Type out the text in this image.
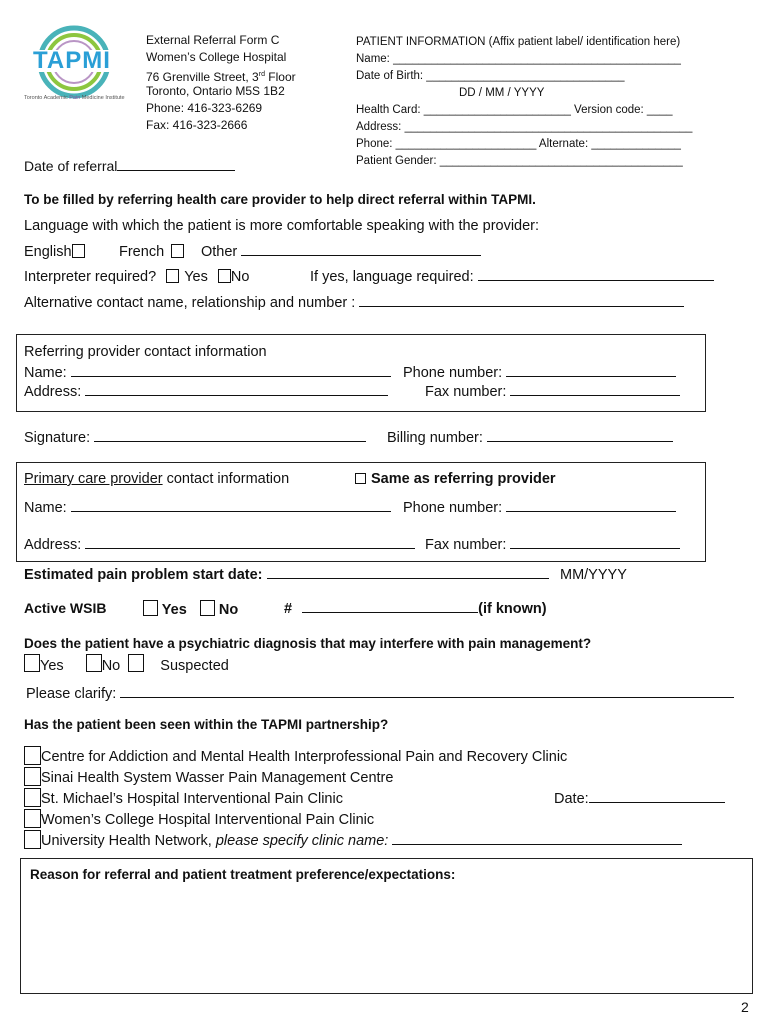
TAPMI
Toronto Academic Pain Medicine Institute
External Referral Form C
Women’s College Hospital
76 Grenville Street, 3rd Floor
Toronto, Ontario M5S 1B2
Phone: 416-323-6269
Fax: 416-323-2666
PATIENT INFORMATION (Affix patient label/ identification here)
Name: _____________________________________________
Date of Birth: _______________________________
DD / MM / YYYY
Health Card: _______________________ Version code: ____
Address: _____________________________________________
Phone: ______________________ Alternate: ______________
Patient Gender: ______________________________________
Date of referral
To be filled by referring health care provider to help direct referral within TAPMI.
Language with which the patient is more comfortable speaking with the provider:
English	French	Other
Interpreter required? Yes No	If yes, language required:
Alternative contact name, relationship and number :
Referring provider contact information
Name:	Phone number:
Address:	Fax number:
Signature:	Billing number:
Primary care provider contact information	Same as referring provider
Name:	Phone number:
Address:	Fax number:
Estimated pain problem start date:	MM/YYYY
Active WSIB	Yes No	#	(if known)
Does the patient have a psychiatric diagnosis that may interfere with pain management?
Yes	No	Suspected
Please clarify:
Has the patient been seen within the TAPMI partnership?
Centre for Addiction and Mental Health Interprofessional Pain and Recovery Clinic
Sinai Health System Wasser Pain Management Centre
St. Michael’s Hospital Interventional Pain Clinic
Women’s College Hospital Interventional Pain Clinic
University Health Network, please specify clinic name:
Date:
Reason for referral and patient treatment preference/expectations:
2
